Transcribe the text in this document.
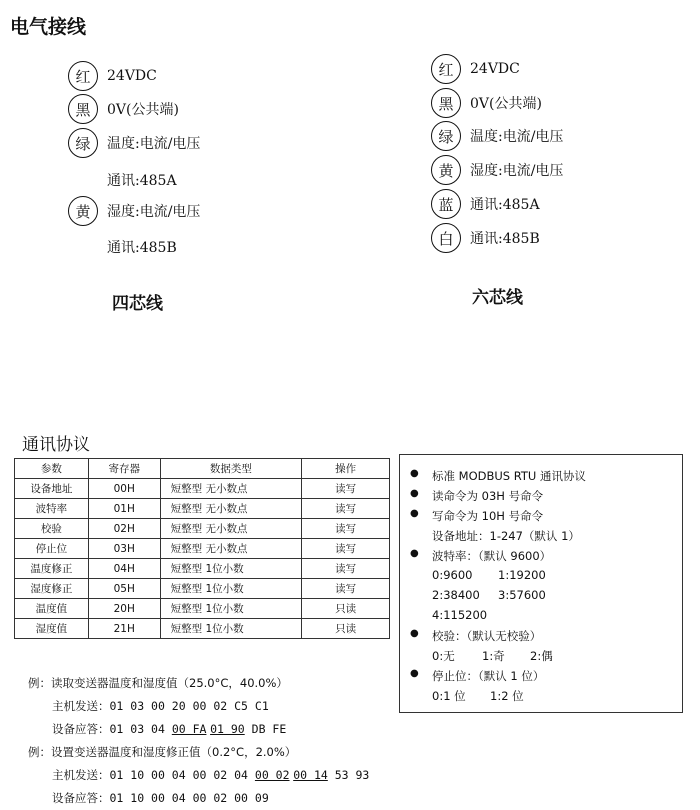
电气接线
红	24VDC
黑	0V(公共端)
绿	温度:电流/电压
通讯:485A
黄	湿度:电流/电压
通讯:485B
四芯线
红	24VDC
黑	0V(公共端)
绿	温度:电流/电压
黄	湿度:电流/电压
蓝	通讯:485A
白	通讯:485B
六芯线
通讯协议
参数	寄存器	数据类型	操作
设备地址	00H	短整型 无小数点	读写
波特率	01H	短整型 无小数点	读写
校验	02H	短整型 无小数点	读写
停止位	03H	短整型 无小数点	读写
温度修正	04H	短整型 1位小数	读写
湿度修正	05H	短整型 1位小数	读写
温度值	20H	短整型 1位小数	只读
湿度值	21H	短整型 1位小数	只读
● 标准 MODBUS RTU 通讯协议
● 读命令为 03H 号命令
● 写命令为 10H 号命令
设备地址：1-247（默认 1）
● 波特率：（默认 9600）
0:9600 1:19200
2:38400 3:57600
4:115200
● 校验：（默认无校验）
0:无 1:奇 2:偶
● 停止位：（默认 1 位）
0:1 位 1:2 位
例：读取变送器温度和湿度值（25.0°C，40.0%）
主机发送：01 03 00 20 00 02 C5 C1
设备应答：01 03 04 00 FA 01 90 DB FE
例：设置变送器温度和湿度修正值（0.2°C，2.0%）
主机发送：01 10 00 04 00 02 04 00 02 00 14 53 93
设备应答：01 10 00 04 00 02 00 09
